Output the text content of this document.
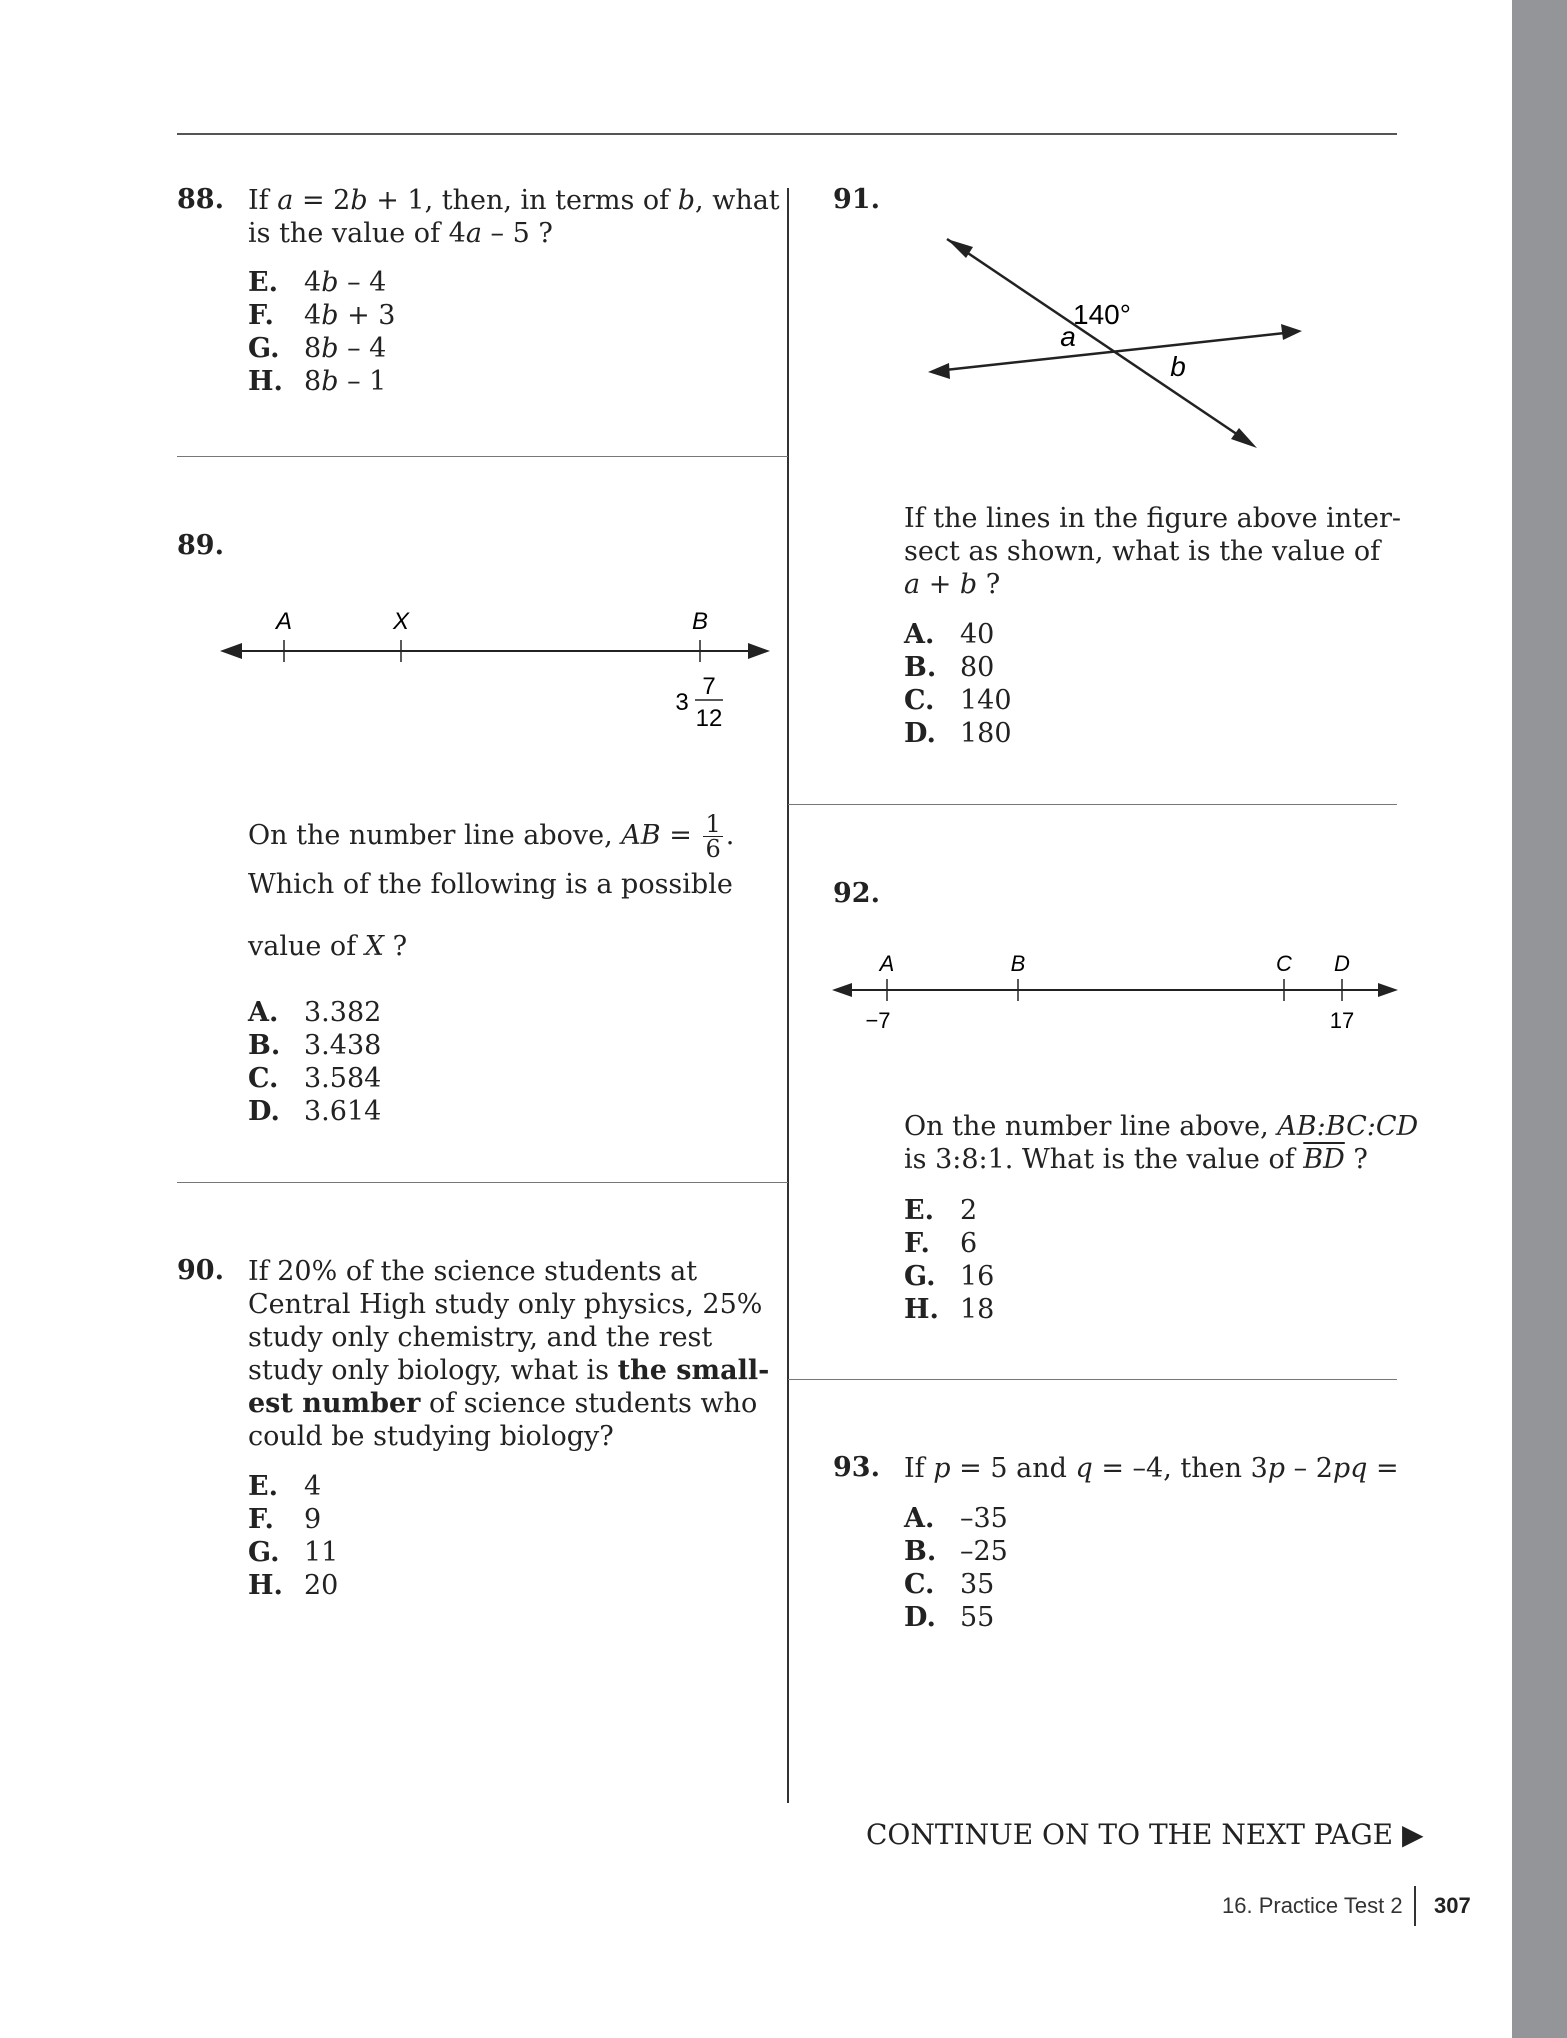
88. If a = 2b + 1, then, in terms of b, what
is the value of 4a – 5 ?
E. 4b – 4
F. 4b + 3
G. 8b – 4
H. 8b – 1
89.
A	X	B
3
7
12
On the number line above, AB = $\frac{1}{6}$ .
Which of the following is a possible
value of X ?
A. 3.382
B. 3.438
C. 3.584
D. 3.614
90. If 20% of the science students at
Central High study only physics, 25%
study only chemistry, and the rest
study only biology, what is the small-
est number of science students who
could be studying biology?
E. 4
F. 9
G. 11
H. 20
91.
140°
a
b
If the lines in the figure above inter-
sect as shown, what is the value of
a + b ?
A. 40
B. 80
C. 140
D. 180
92.
A	B	C D
−7	17
On the number line above, AB:BC:CD
is 3:8:1. What is the value of $\overline{BD}$ ?
E. 2
F. 6
G. 16
H. 18
93. If p = 5 and q = –4, then 3p – 2pq =
A. –35
B. –25
C. 35
D. 55
CONTINUE ON TO THE NEXT PAGE ▶
16. Practice Test 2 307
